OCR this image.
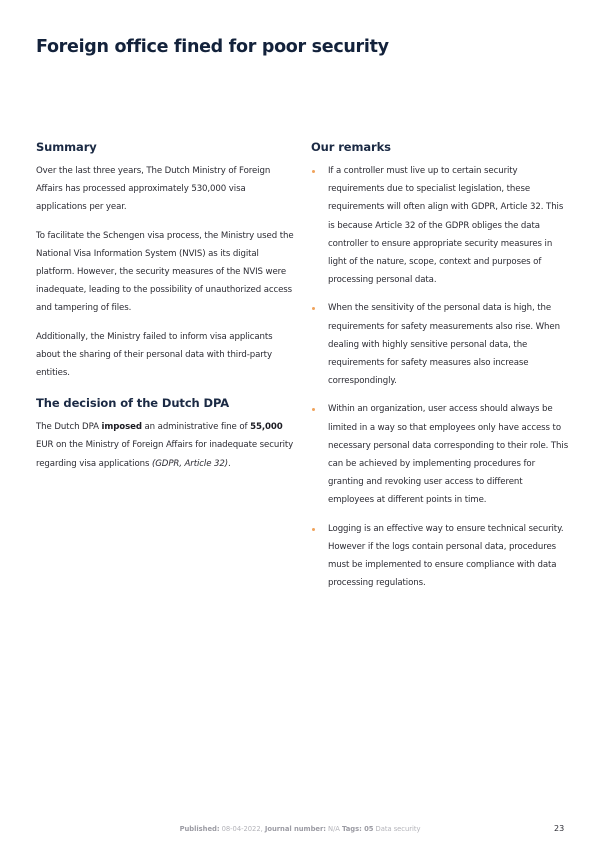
Foreign office fined for poor security
Summary

Over the last three years, The Dutch Ministry of Foreign Affairs has processed approximately 530,000 visa applications per year.

To facilitate the Schengen visa process, the Ministry used the National Visa Information System (NVIS) as its digital platform. However, the security measures of the NVIS were inadequate, leading to the possibility of unauthorized access and tampering of files.

Additionally, the Ministry failed to inform visa applicants about the sharing of their personal data with third-party entities.

The decision of the Dutch DPA

The Dutch DPA imposed an administrative fine of 55,000 EUR on the Ministry of Foreign Affairs for inadequate security regarding visa applications (GDPR, Article 32).

Our remarks
If a controller must live up to certain security requirements due to specialist legislation, these requirements will often align with GDPR, Article 32. This is because Article 32 of the GDPR obliges the data controller to ensure appropriate security measures in light of the nature, scope, context and purposes of processing personal data.
When the sensitivity of the personal data is high, the requirements for safety measurements also rise. When dealing with highly sensitive personal data, the requirements for safety measures also increase correspondingly.
Within an organization, user access should always be limited in a way so that employees only have access to necessary personal data corresponding to their role. This can be achieved by implementing procedures for granting and revoking user access to different employees at different points in time.
Logging is an effective way to ensure technical security. However if the logs contain personal data, procedures must be implemented to ensure compliance with data processing regulations.
Published: 08-04-2022, Journal number: N/A Tags: 05 Data security	23
